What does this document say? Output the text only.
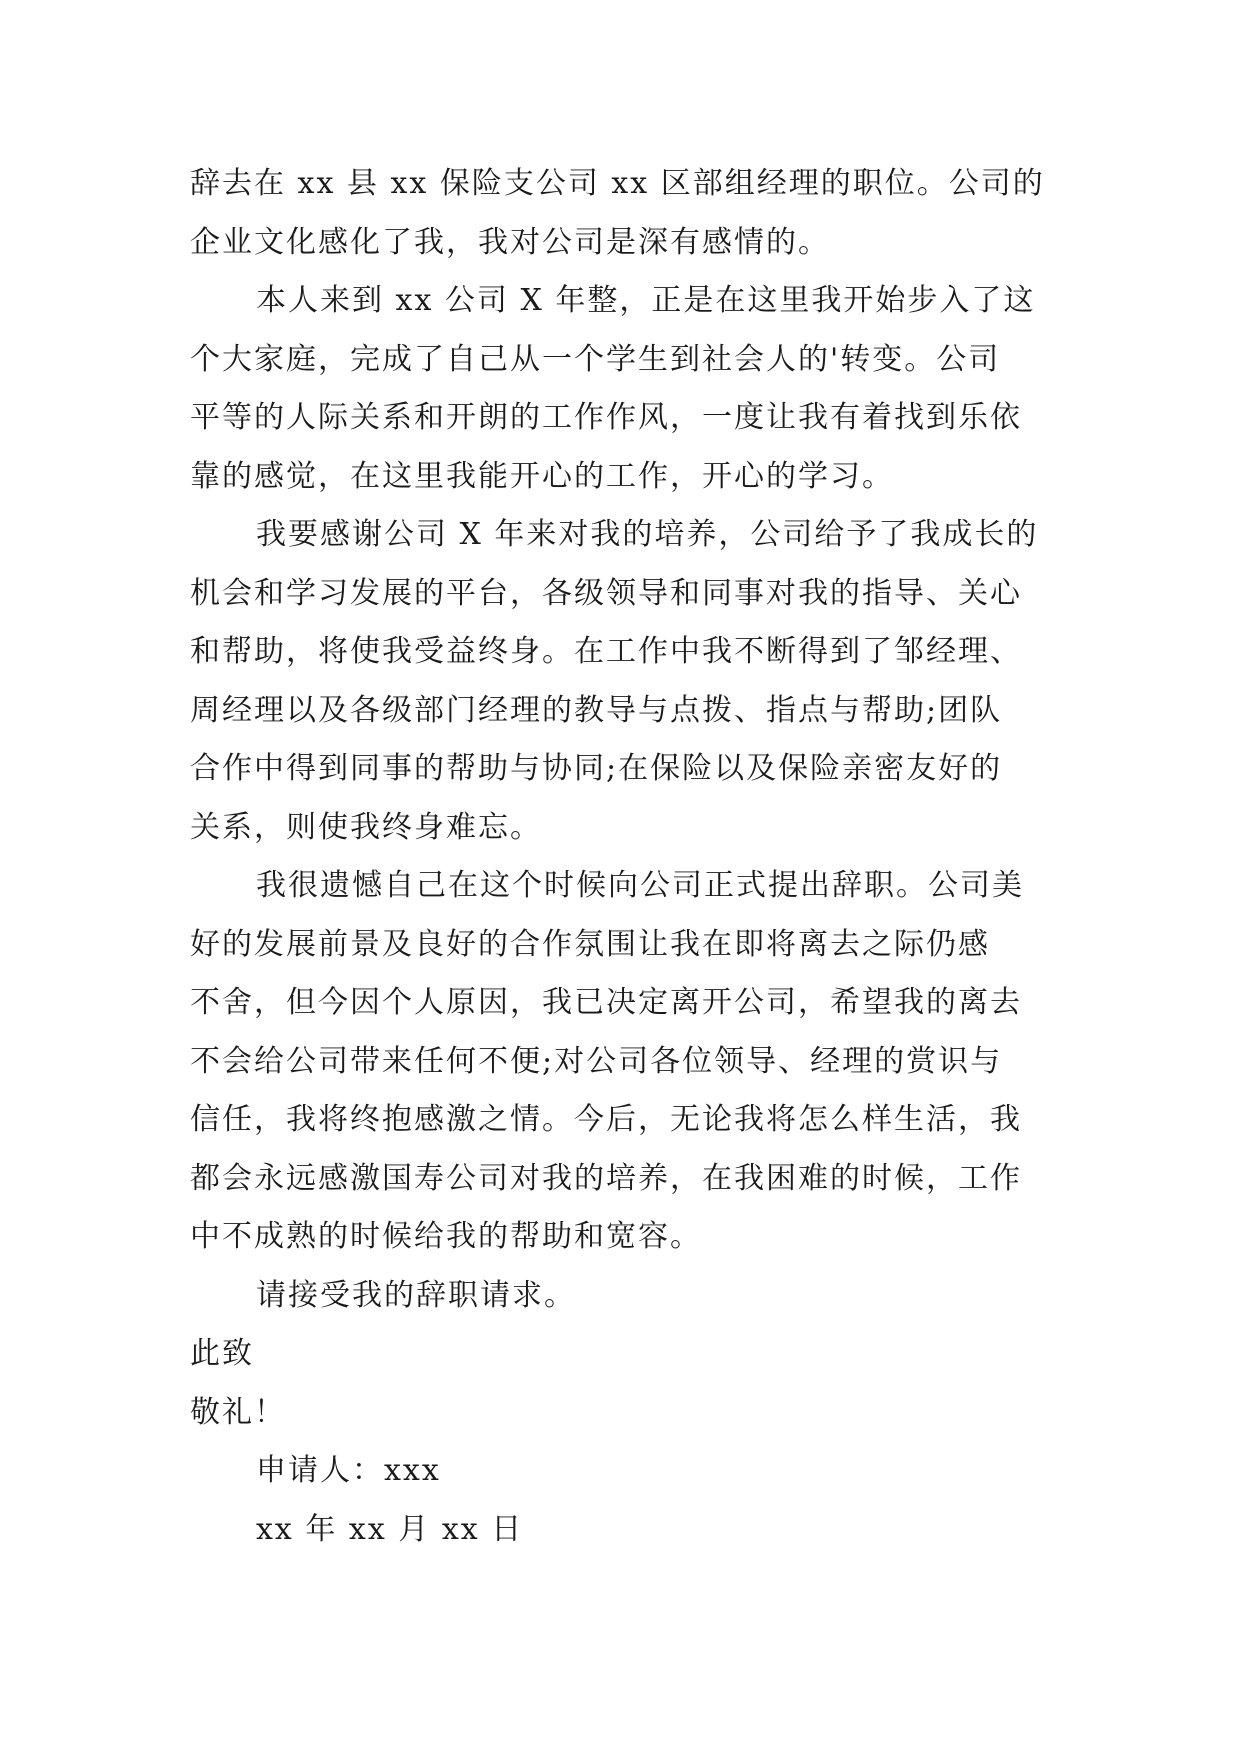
辞去在 xx 县 xx 保险支公司 xx 区部组经理的职位。公司的
企业文化感化了我，我对公司是深有感情的。
本人来到 xx 公司 X 年整，正是在这里我开始步入了这
个大家庭，完成了自己从一个学生到社会人的'转变。公司
平等的人际关系和开朗的工作作风，一度让我有着找到乐依
靠的感觉，在这里我能开心的工作，开心的学习。
我要感谢公司 X 年来对我的培养，公司给予了我成长的
机会和学习发展的平台，各级领导和同事对我的指导、关心
和帮助，将使我受益终身。在工作中我不断得到了邹经理、
周经理以及各级部门经理的教导与点拨、指点与帮助;团队
合作中得到同事的帮助与协同;在保险以及保险亲密友好的
关系，则使我终身难忘。
我很遗憾自己在这个时候向公司正式提出辞职。公司美
好的发展前景及良好的合作氛围让我在即将离去之际仍感
不舍，但今因个人原因，我已决定离开公司，希望我的离去
不会给公司带来任何不便;对公司各位领导、经理的赏识与
信任，我将终抱感激之情。今后，无论我将怎么样生活，我
都会永远感激国寿公司对我的培养，在我困难的时候，工作
中不成熟的时候给我的帮助和宽容。
请接受我的辞职请求。
此致
敬礼！
申请人：xxx
xx 年 xx 月 xx 日
